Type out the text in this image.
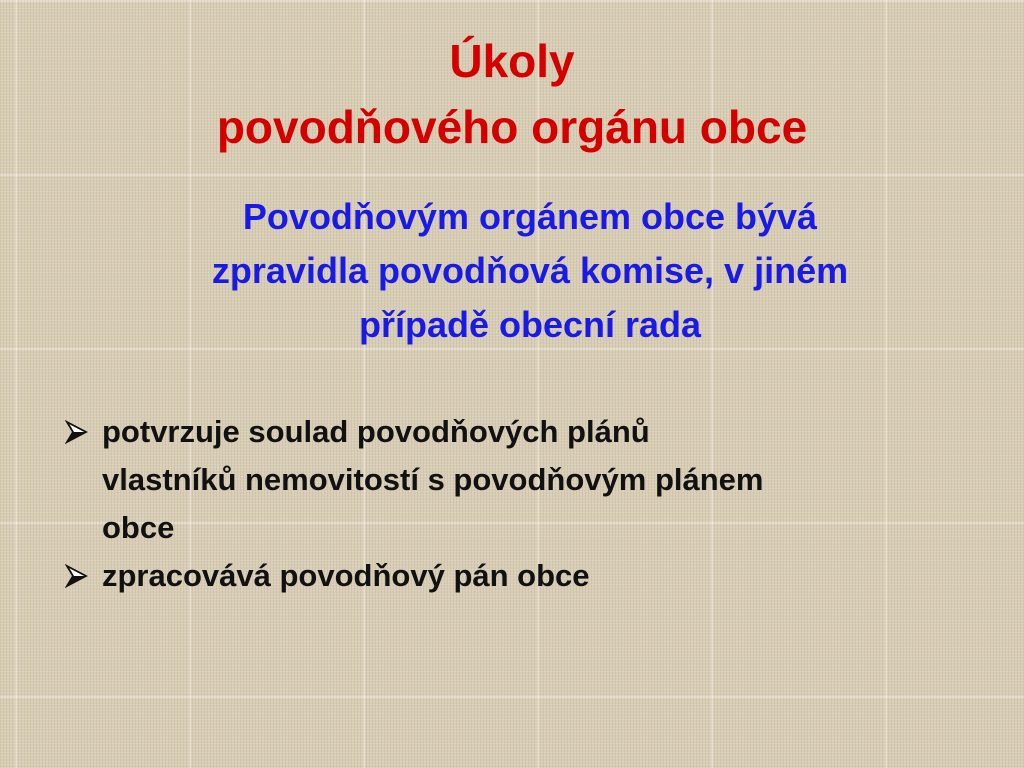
Úkoly
povodňového orgánu obce
Povodňovým orgánem obce bývá
zpravidla povodňová komise, v jiném
případě obecní rada
potvrzuje soulad povodňových plánů
vlastníků nemovitostí s povodňovým plánem
obce
zpracovává povodňový pán obce
